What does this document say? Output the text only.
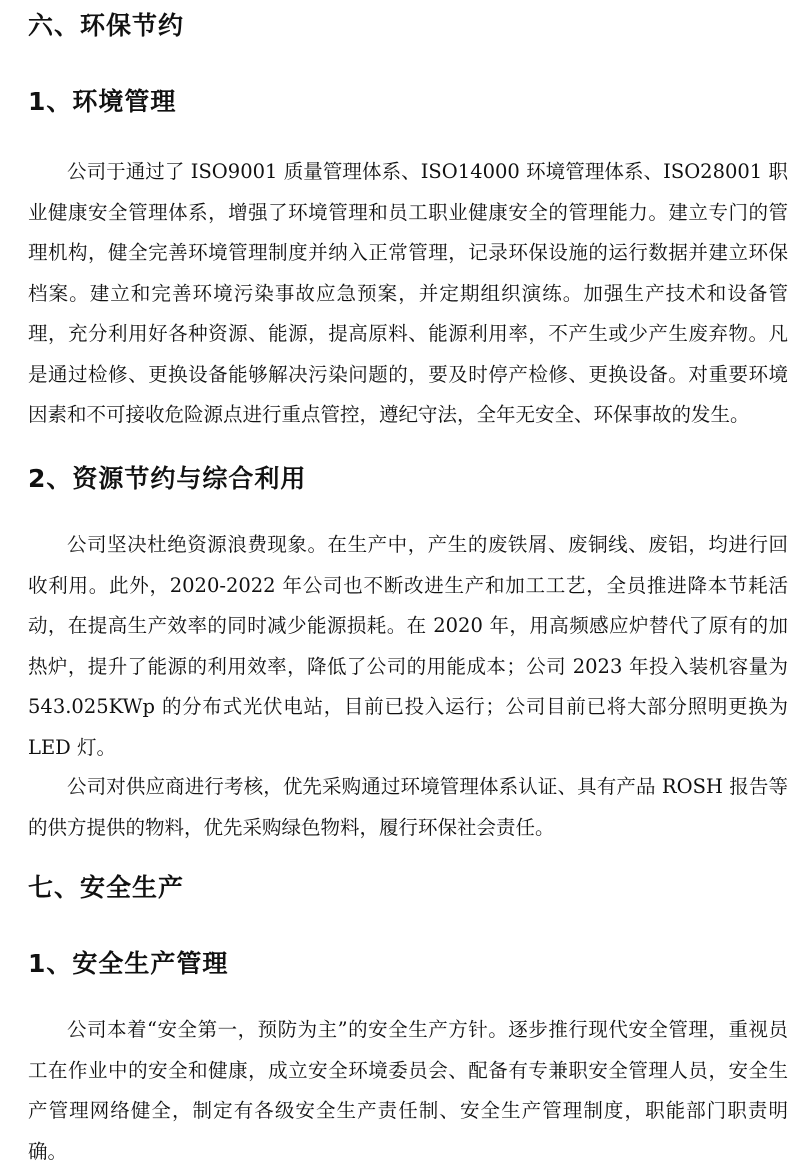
六、环保节约
1、环境管理

公司于通过了 ISO9001 质量管理体系、ISO14000 环境管理体系、ISO28001 职业健康安全管理体系，增强了环境管理和员工职业健康安全的管理能力。建立专门的管理机构，健全完善环境管理制度并纳入正常管理，记录环保设施的运行数据并建立环保档案。建立和完善环境污染事故应急预案，并定期组织演练。加强生产技术和设备管理，充分利用好各种资源、能源，提高原料、能源利用率，不产生或少产生废弃物。凡是通过检修、更换设备能够解决污染问题的，要及时停产检修、更换设备。对重要环境因素和不可接收危险源点进行重点管控，遵纪守法，全年无安全、环保事故的发生。

2、资源节约与综合利用

公司坚决杜绝资源浪费现象。在生产中，产生的废铁屑、废铜线、废铝，均进行回收利用。此外，2020-2022 年公司也不断改进生产和加工工艺，全员推进降本节耗活动，在提高生产效率的同时减少能源损耗。在 2020 年，用高频感应炉替代了原有的加热炉，提升了能源的利用效率，降低了公司的用能成本；公司 2023 年投入装机容量为543.025KWp 的分布式光伏电站，目前已投入运行；公司目前已将大部分照明更换为 LED 灯。

公司对供应商进行考核，优先采购通过环境管理体系认证、具有产品 ROSH 报告等的供方提供的物料，优先采购绿色物料，履行环保社会责任。

七、安全生产
1、安全生产管理

公司本着“安全第一，预防为主”的安全生产方针。逐步推行现代安全管理，重视员工在作业中的安全和健康，成立安全环境委员会、配备有专兼职安全管理人员，安全生产管理网络健全，制定有各级安全生产责任制、安全生产管理制度，职能部门职责明确。
